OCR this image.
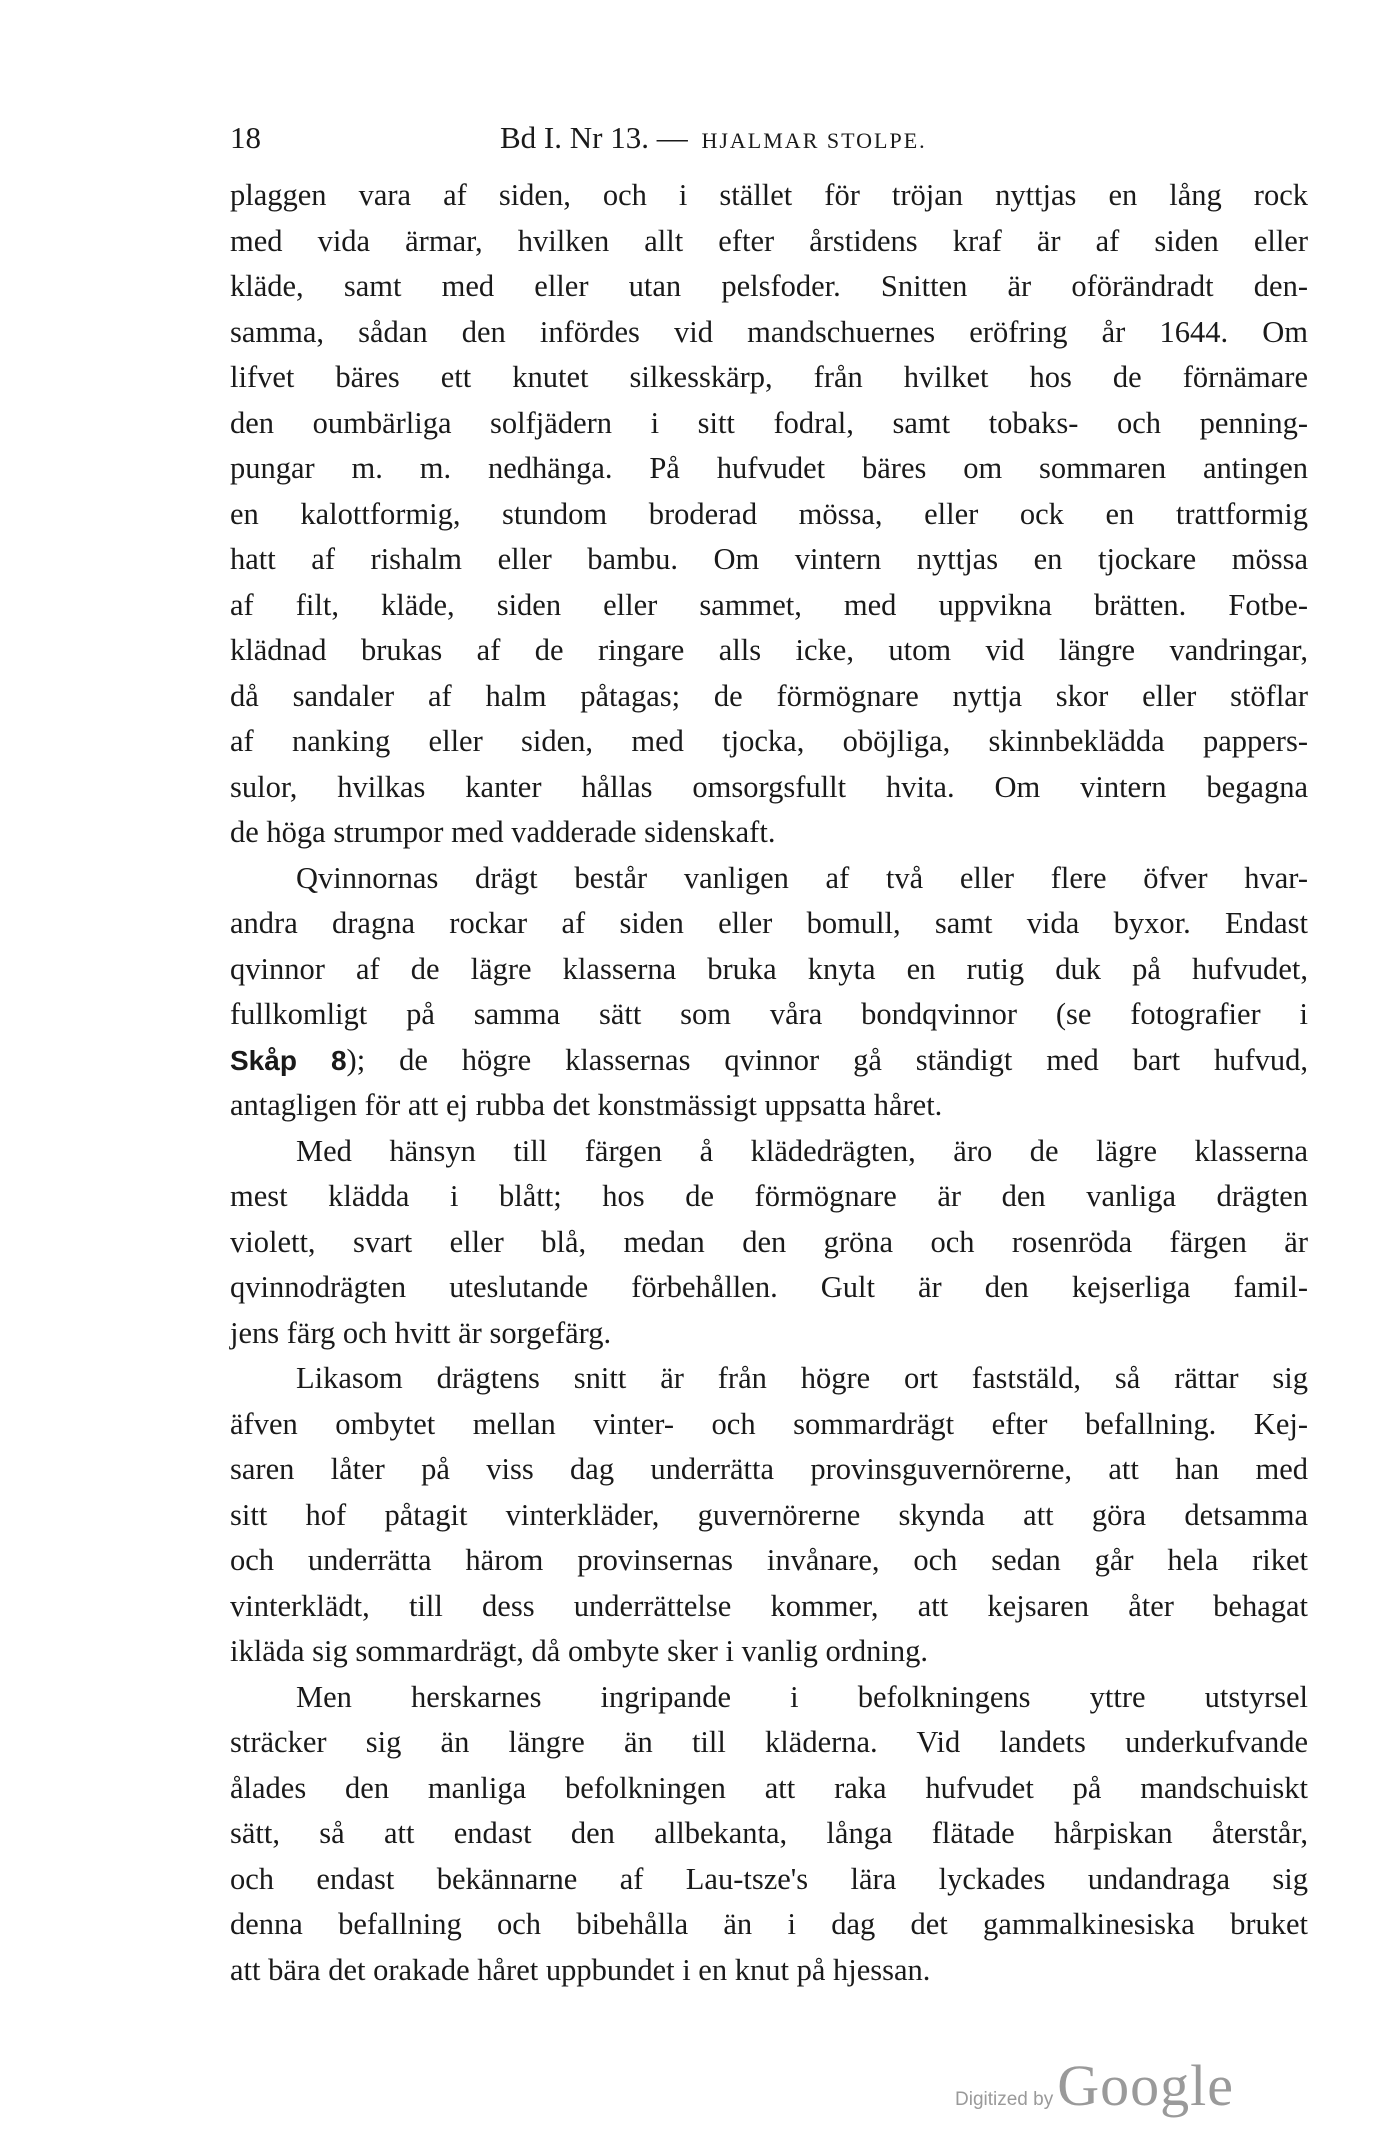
18	Bd I. Nr 13. — HJALMAR STOLPE.
plaggen vara af siden, och i stället för tröjan nyttjas en lång rock
med vida ärmar, hvilken allt efter årstidens kraf är af siden eller
kläde, samt med eller utan pelsfoder. Snitten är oförändradt den-
samma, sådan den infördes vid mandschuernes eröfring år 1644. Om
lifvet bäres ett knutet silkesskärp, från hvilket hos de förnämare
den oumbärliga solfjädern i sitt fodral, samt tobaks- och penning-
pungar m. m. nedhänga. På hufvudet bäres om sommaren antingen
en kalottformig, stundom broderad mössa, eller ock en trattformig
hatt af rishalm eller bambu. Om vintern nyttjas en tjockare mössa
af filt, kläde, siden eller sammet, med uppvikna brätten. Fotbe-
klädnad brukas af de ringare alls icke, utom vid längre vandringar,
då sandaler af halm påtagas; de förmögnare nyttja skor eller stöflar
af nanking eller siden, med tjocka, oböjliga, skinnbeklädda pappers-
sulor, hvilkas kanter hållas omsorgsfullt hvita. Om vintern begagna
de höga strumpor med vadderade sidenskaft.
Qvinnornas drägt består vanligen af två eller flere öfver hvar-
andra dragna rockar af siden eller bomull, samt vida byxor. Endast
qvinnor af de lägre klasserna bruka knyta en rutig duk på hufvudet,
fullkomligt på samma sätt som våra bondqvinnor (se fotografier i
Skåp 8); de högre klassernas qvinnor gå ständigt med bart hufvud,
antagligen för att ej rubba det konstmässigt uppsatta håret.
Med hänsyn till färgen å klädedrägten, äro de lägre klasserna
mest klädda i blått; hos de förmögnare är den vanliga drägten
violett, svart eller blå, medan den gröna och rosenröda färgen är
qvinnodrägten uteslutande förbehållen. Gult är den kejserliga famil-
jens färg och hvitt är sorgefärg.
Likasom drägtens snitt är från högre ort faststäld, så rättar sig
äfven ombytet mellan vinter- och sommardrägt efter befallning. Kej-
saren låter på viss dag underrätta provinsguvernörerne, att han med
sitt hof påtagit vinterkläder, guvernörerne skynda att göra detsamma
och underrätta härom provinsernas invånare, och sedan går hela riket
vinterklädt, till dess underrättelse kommer, att kejsaren åter behagat
ikläda sig sommardrägt, då ombyte sker i vanlig ordning.
Men herskarnes ingripande i befolkningens yttre utstyrsel
sträcker sig än längre än till kläderna. Vid landets underkufvande
ålades den manliga befolkningen att raka hufvudet på mandschuiskt
sätt, så att endast den allbekanta, långa flätade hårpiskan återstår,
och endast bekännarne af Lau-tsze's lära lyckades undandraga sig
denna befallning och bibehålla än i dag det gammalkinesiska bruket
att bära det orakade håret uppbundet i en knut på hjessan.
Digitized by Google
